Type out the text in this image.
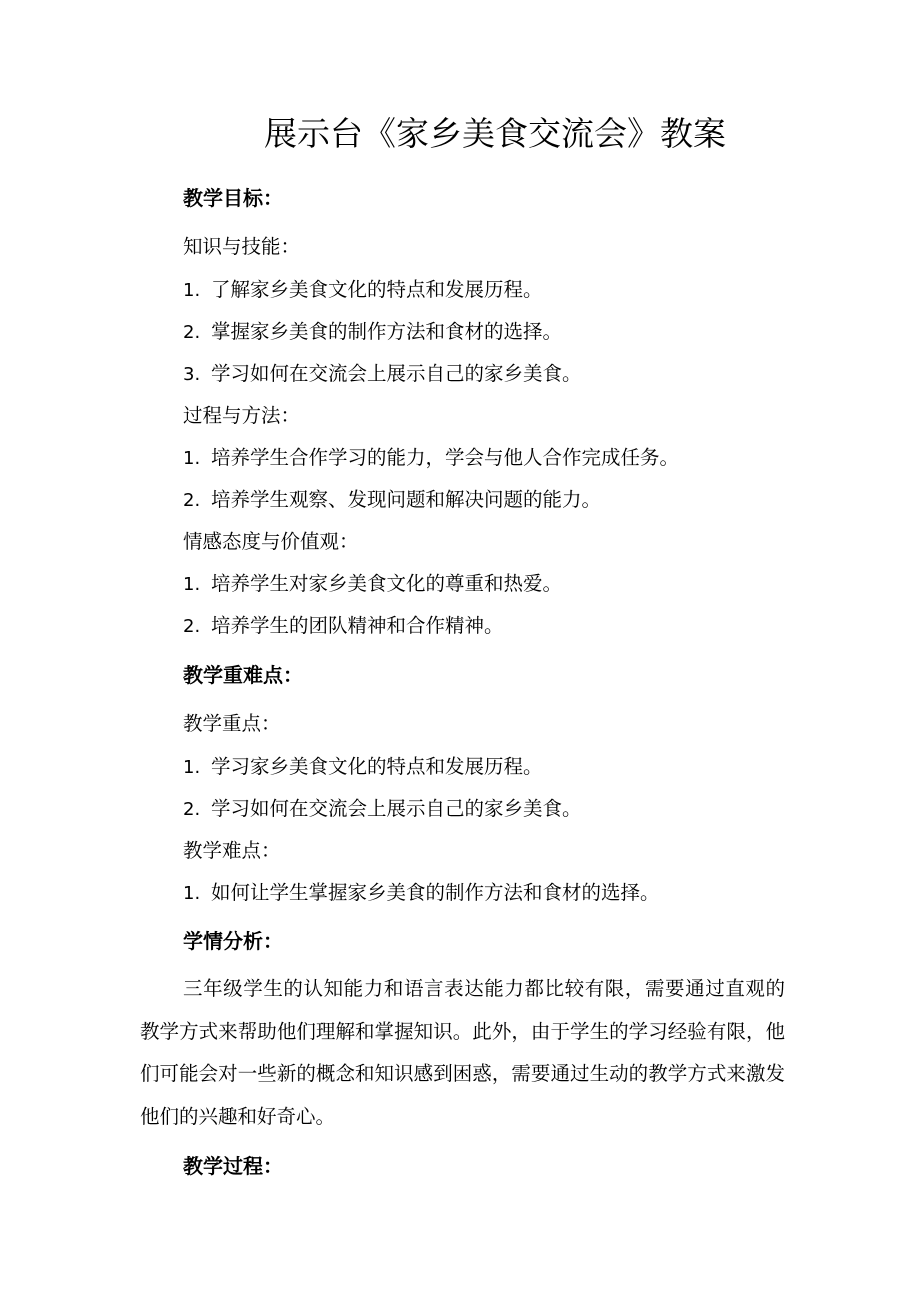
展示台《家乡美食交流会》教案
教学目标：
知识与技能：
1. 了解家乡美食文化的特点和发展历程。
2. 掌握家乡美食的制作方法和食材的选择。
3. 学习如何在交流会上展示自己的家乡美食。
过程与方法：
1. 培养学生合作学习的能力，学会与他人合作完成任务。
2. 培养学生观察、发现问题和解决问题的能力。
情感态度与价值观：
1. 培养学生对家乡美食文化的尊重和热爱。
2. 培养学生的团队精神和合作精神。
教学重难点：
教学重点：
1. 学习家乡美食文化的特点和发展历程。
2. 学习如何在交流会上展示自己的家乡美食。
教学难点：
1. 如何让学生掌握家乡美食的制作方法和食材的选择。
学情分析：
三年级学生的认知能力和语言表达能力都比较有限，需要通过直观的教学方式来帮助他们理解和掌握知识。此外，由于学生的学习经验有限，他们可能会对一些新的概念和知识感到困惑，需要通过生动的教学方式来激发他们的兴趣和好奇心。
教学过程：
